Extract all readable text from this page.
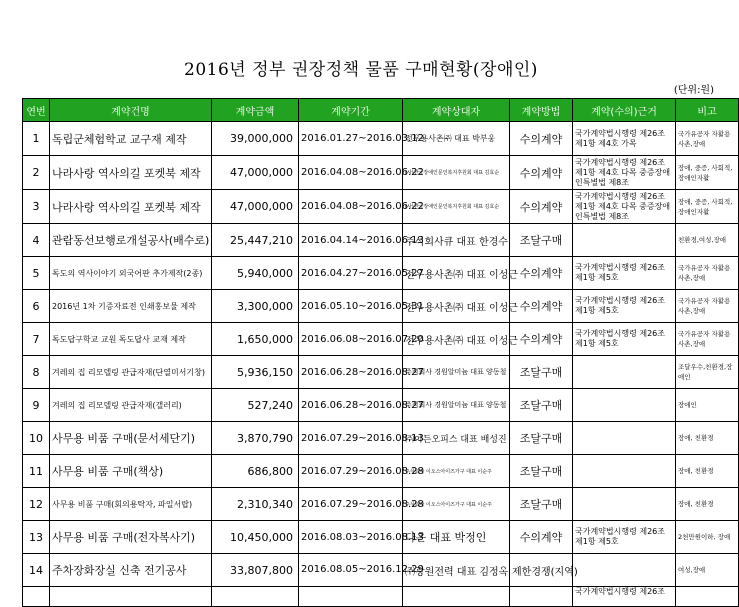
2016년 정부 권장정책 물품 구매현황(장애인)
(단위:원)
연번	계약건명	계약금액	계약기간	계약상대자	계약방법	계약(수의)근거	비고
1	독립군체험학교 교구재 제작	39,000,000	2016.01.27~2016.03.12	전우용사촌㈜ 대표 박부웅	수의계약	국가계약법시행령 제26조 제1항 제4호 가목	국가유공자 자활용사촌,장애
2	나라사랑 역사의길 포켓북 제작	47,000,000	2016.04.08~2016.06.22	(사)한국장애인문인복지후원회 대표 김효순	수의계약	국가계약법시행령 제26조 제1항 제4호 다목 중증장애인특별법 제8조	장애, 중증, 사회적, 장애인자활
3	나라사랑 역사의길 포켓북 제작	47,000,000	2016.04.08~2016.06.22	(사)한국장애인문인복지후원회 대표 김효순	수의계약	국가계약법시행령 제26조 제1항 제4호 다목 중증장애인특별법 제8조	장애, 중증, 사회적, 장애인자활
4	관람동선보행로개설공사(배수로)	25,447,210	2016.04.14~2016.06.13	주식회사큐 대표 한경수	조달구매		친환경,여성,장애
5	독도의 역사이야기 외국어판 추가제작(2종)	5,940,000	2016.04.27~2016.05.27	전우용사촌㈜ 대표 이성근	수의계약	국가계약법시행령 제26조 제1항 제5호	국가유공자 자활용사촌,장애
6	2016년 1차 기증자료전 인쇄홍보물 제작	3,300,000	2016.05.10~2016.05.31	전우용사촌㈜ 대표 이성근	수의계약	국가계약법시행령 제26조 제1항 제5호	국가유공자 자활용사촌,장애
7	독도답구학교 교원 독도답사 교재 제작	1,650,000	2016.06.08~2016.07.20	전우용사촌㈜ 대표 이성근	수의계약	국가계약법시행령 제26조 제1항 제5호	국가유공자 자활용사촌,장애
8	겨레의 집 리모델링 관급자재(단열미서기창)	5,936,150	2016.06.28~2016.08.27	주식회사 경원알미늄 대표 양동철	조달구매		조달우수,친환경,장애인
9	겨레의 집 리모델링 관급자재(갤러리)	527,240	2016.06.28~2016.08.27	주식회사 경원알미늄 대표 양동철	조달구매		장애인
10	사무용 비품 구매(문서세단기)	3,870,790	2016.07.29~2016.08.13	㈜이든오피스 대표 배성진	조달구매		장애, 친환경
11	사무용 비품 구매(책상)	686,800	2016.07.29~2016.08.28	주식회사 이오스아이즈가구 대표 이순주	조달구매		장애, 친환경
12	사무용 비품 구매(회의용탁자, 파일서랍)	2,310,340	2016.07.29~2016.08.28	주식회사 이오스아이즈가구 대표 이순주	조달구매		장애, 친환경
13	사무용 비품 구매(전자복사기)	10,450,000	2016.08.03~2016.08.13	다온 대표 박정인	수의계약	국가계약법시행령 제26조 제1항 제5호	2천만원이하, 장애
14	주차장화장실 신축 전기공사	33,807,800	2016.08.05~2016.12.29	㈜광원전력 대표 김정옥	제한경쟁(지역)		여성,장애
						국가계약법시행령 제26조	
